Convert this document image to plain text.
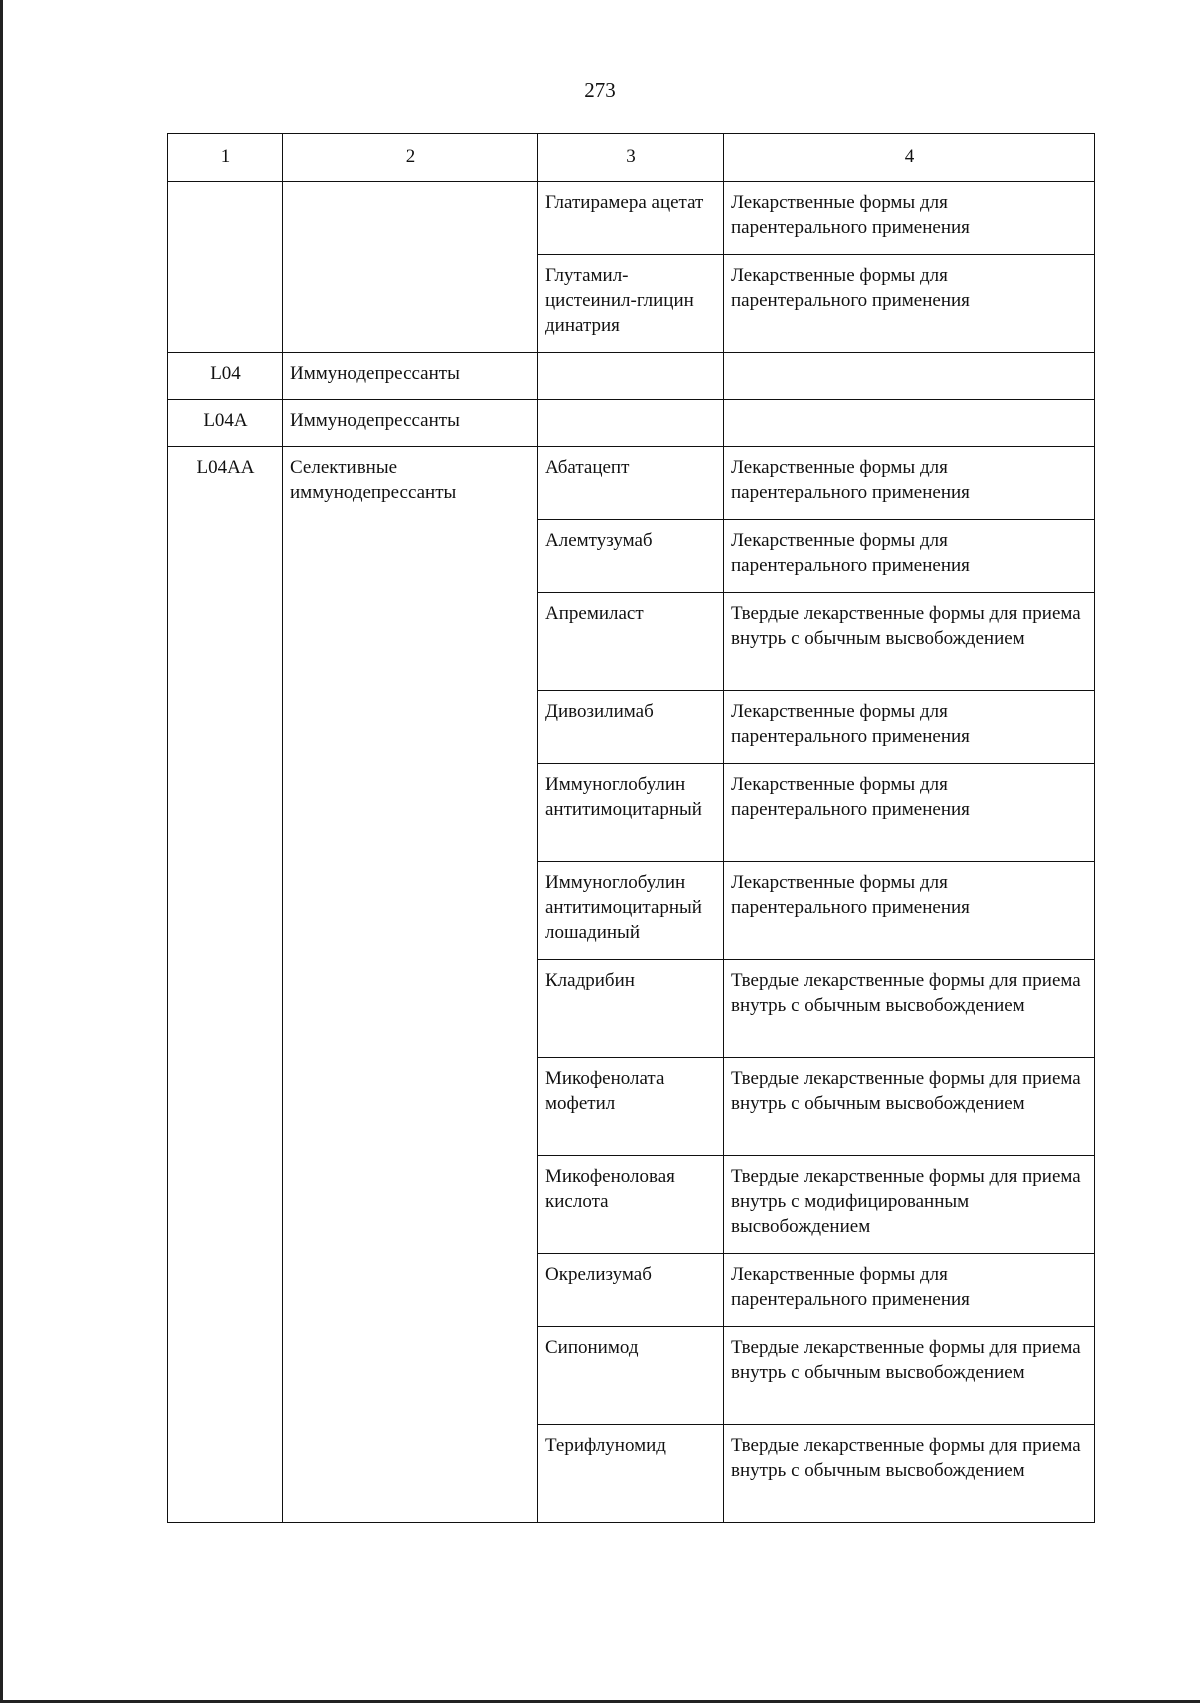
273
1	2	3	4
		Глатирамера ацетат	Лекарственные формы для парентерального применения
		Глутамил-цистеинил-глицин динатрия	Лекарственные формы для парентерального применения
L04	Иммунодепрессанты		
L04A	Иммунодепрессанты		
L04AA	Селективные иммунодепрессанты	Абатацепт	Лекарственные формы для парентерального применения
		Алемтузумаб	Лекарственные формы для парентерального применения
		Апремиласт	Твердые лекарственные формы для приема внутрь с обычным высвобождением
		Дивозилимаб	Лекарственные формы для парентерального применения
		Иммуноглобулин антитимоцитарный	Лекарственные формы для парентерального применения
		Иммуноглобулин антитимоцитарный лошадиный	Лекарственные формы для парентерального применения
		Кладрибин	Твердые лекарственные формы для приема внутрь с обычным высвобождением
		Микофенолата мофетил	Твердые лекарственные формы для приема внутрь с обычным высвобождением
		Микофеноловая кислота	Твердые лекарственные формы для приема внутрь с модифицированным высвобождением
		Окрелизумаб	Лекарственные формы для парентерального применения
		Сипонимод	Твердые лекарственные формы для приема внутрь с обычным высвобождением
		Терифлуномид	Твердые лекарственные формы для приема внутрь с обычным высвобождением
